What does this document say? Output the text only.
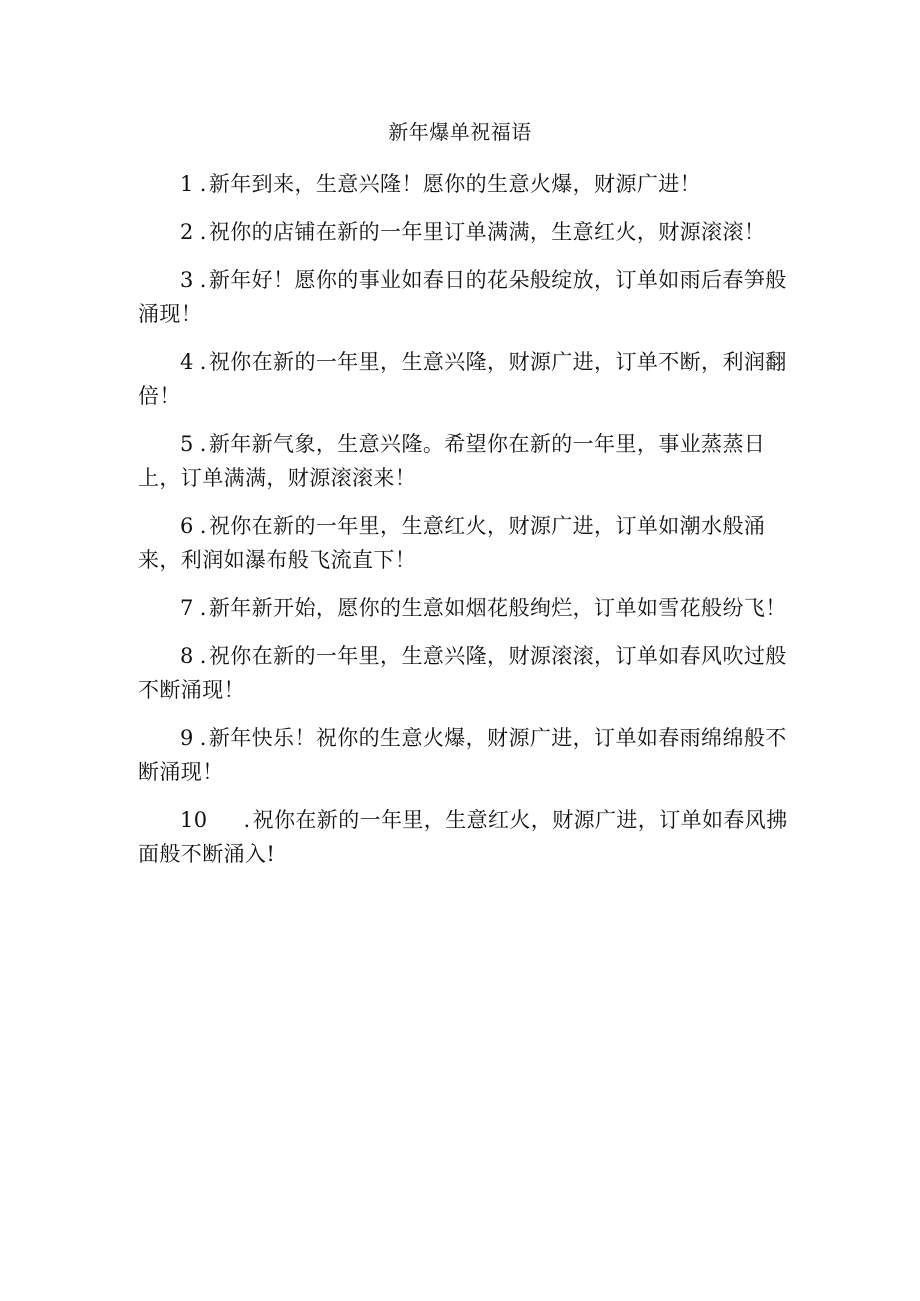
新年爆单祝福语
1 .新年到来，生意兴隆！愿你的生意火爆，财源广进！
2 .祝你的店铺在新的一年里订单满满，生意红火，财源滚滚！
3 .新年好！愿你的事业如春日的花朵般绽放，订单如雨后春笋般涌现！
4 .祝你在新的一年里，生意兴隆，财源广进，订单不断，利润翻倍！
5 .新年新气象，生意兴隆。希望你在新的一年里，事业蒸蒸日上，订单满满，财源滚滚来！
6 .祝你在新的一年里，生意红火，财源广进，订单如潮水般涌来，利润如瀑布般飞流直下！
7 .新年新开始，愿你的生意如烟花般绚烂，订单如雪花般纷飞！
8 .祝你在新的一年里，生意兴隆，财源滚滚，订单如春风吹过般不断涌现！
9 .新年快乐！祝你的生意火爆，财源广进，订单如春雨绵绵般不断涌现！
10 .祝你在新的一年里，生意红火，财源广进，订单如春风拂面般不断涌入!
